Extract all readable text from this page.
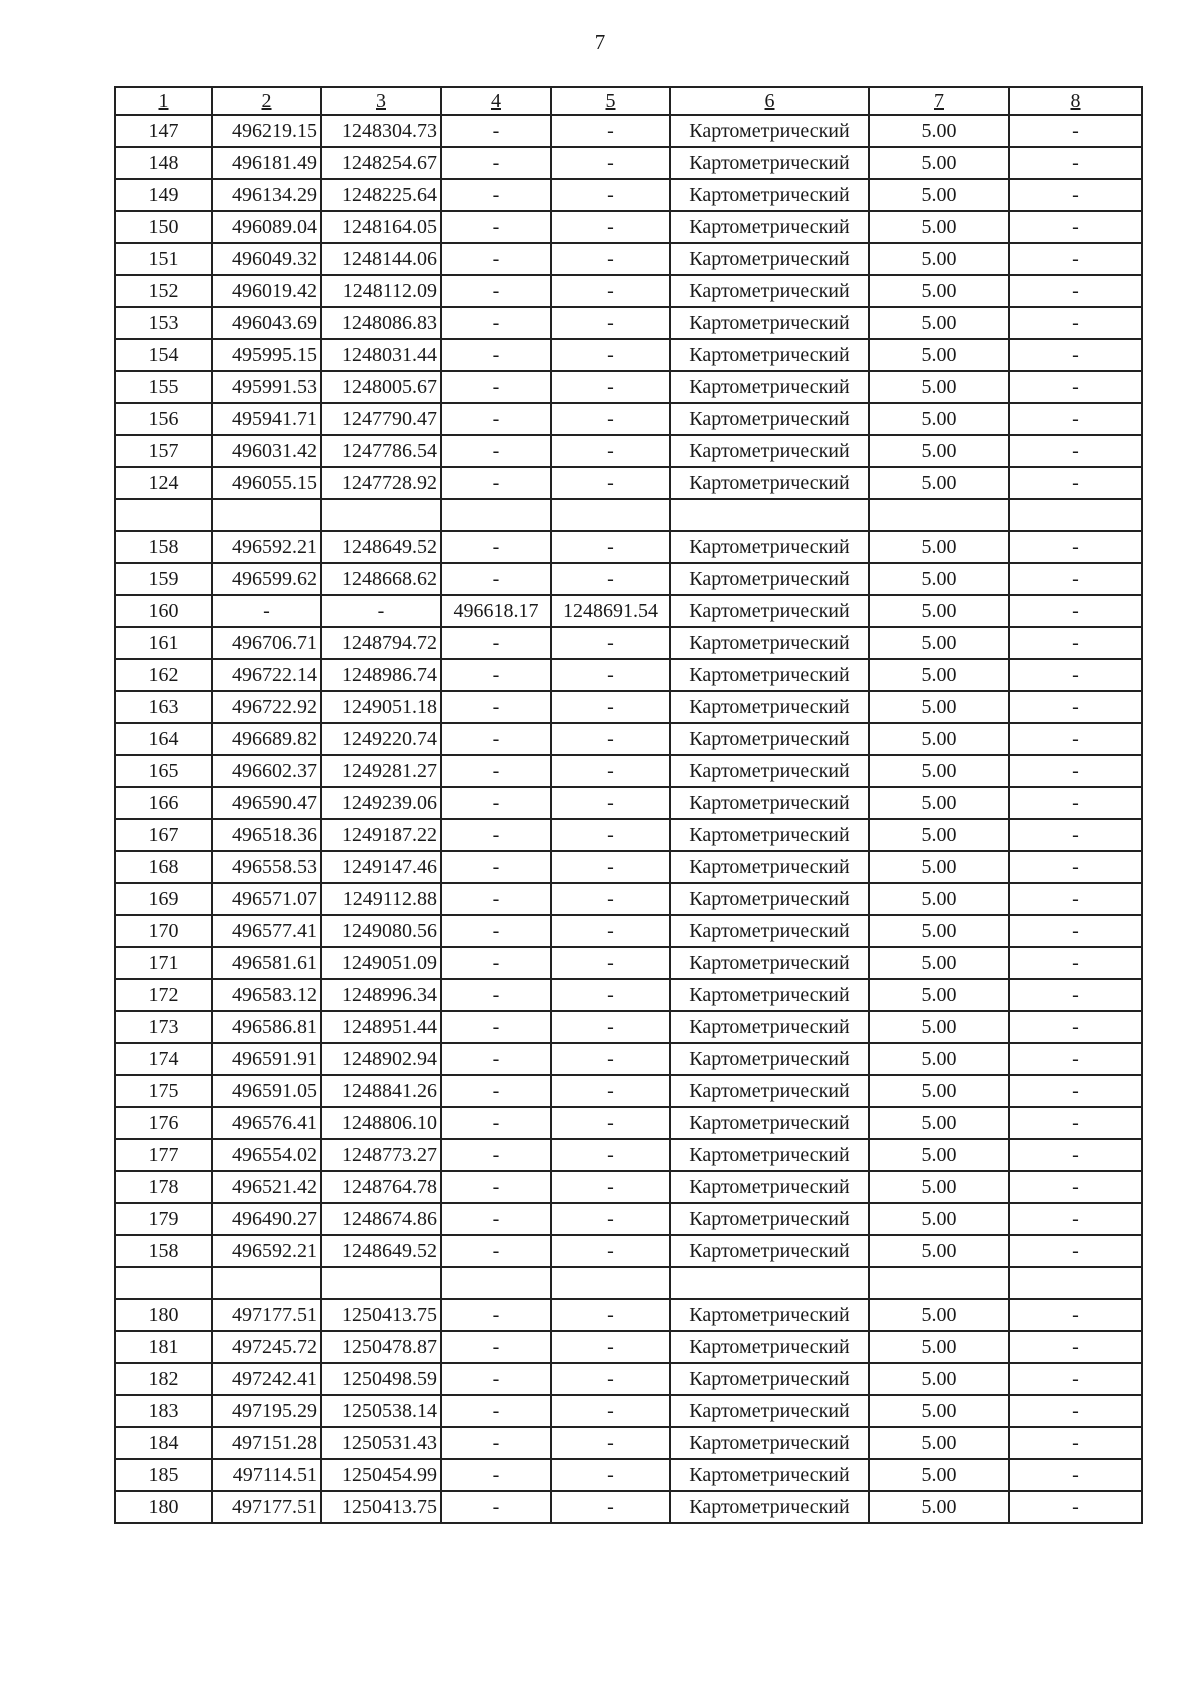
7
1	2	3	4	5	6	7	8
147	496219.15	1248304.73	-	-	Картометрический	5.00	-
148	496181.49	1248254.67	-	-	Картометрический	5.00	-
149	496134.29	1248225.64	-	-	Картометрический	5.00	-
150	496089.04	1248164.05	-	-	Картометрический	5.00	-
151	496049.32	1248144.06	-	-	Картометрический	5.00	-
152	496019.42	1248112.09	-	-	Картометрический	5.00	-
153	496043.69	1248086.83	-	-	Картометрический	5.00	-
154	495995.15	1248031.44	-	-	Картометрический	5.00	-
155	495991.53	1248005.67	-	-	Картометрический	5.00	-
156	495941.71	1247790.47	-	-	Картометрический	5.00	-
157	496031.42	1247786.54	-	-	Картометрический	5.00	-
124	496055.15	1247728.92	-	-	Картометрический	5.00	-

158	496592.21	1248649.52	-	-	Картометрический	5.00	-
159	496599.62	1248668.62	-	-	Картометрический	5.00	-
160	-	-	496618.17	1248691.54	Картометрический	5.00	-
161	496706.71	1248794.72	-	-	Картометрический	5.00	-
162	496722.14	1248986.74	-	-	Картометрический	5.00	-
163	496722.92	1249051.18	-	-	Картометрический	5.00	-
164	496689.82	1249220.74	-	-	Картометрический	5.00	-
165	496602.37	1249281.27	-	-	Картометрический	5.00	-
166	496590.47	1249239.06	-	-	Картометрический	5.00	-
167	496518.36	1249187.22	-	-	Картометрический	5.00	-
168	496558.53	1249147.46	-	-	Картометрический	5.00	-
169	496571.07	1249112.88	-	-	Картометрический	5.00	-
170	496577.41	1249080.56	-	-	Картометрический	5.00	-
171	496581.61	1249051.09	-	-	Картометрический	5.00	-
172	496583.12	1248996.34	-	-	Картометрический	5.00	-
173	496586.81	1248951.44	-	-	Картометрический	5.00	-
174	496591.91	1248902.94	-	-	Картометрический	5.00	-
175	496591.05	1248841.26	-	-	Картометрический	5.00	-
176	496576.41	1248806.10	-	-	Картометрический	5.00	-
177	496554.02	1248773.27	-	-	Картометрический	5.00	-
178	496521.42	1248764.78	-	-	Картометрический	5.00	-
179	496490.27	1248674.86	-	-	Картометрический	5.00	-
158	496592.21	1248649.52	-	-	Картометрический	5.00	-

180	497177.51	1250413.75	-	-	Картометрический	5.00	-
181	497245.72	1250478.87	-	-	Картометрический	5.00	-
182	497242.41	1250498.59	-	-	Картометрический	5.00	-
183	497195.29	1250538.14	-	-	Картометрический	5.00	-
184	497151.28	1250531.43	-	-	Картометрический	5.00	-
185	497114.51	1250454.99	-	-	Картометрический	5.00	-
180	497177.51	1250413.75	-	-	Картометрический	5.00	-
